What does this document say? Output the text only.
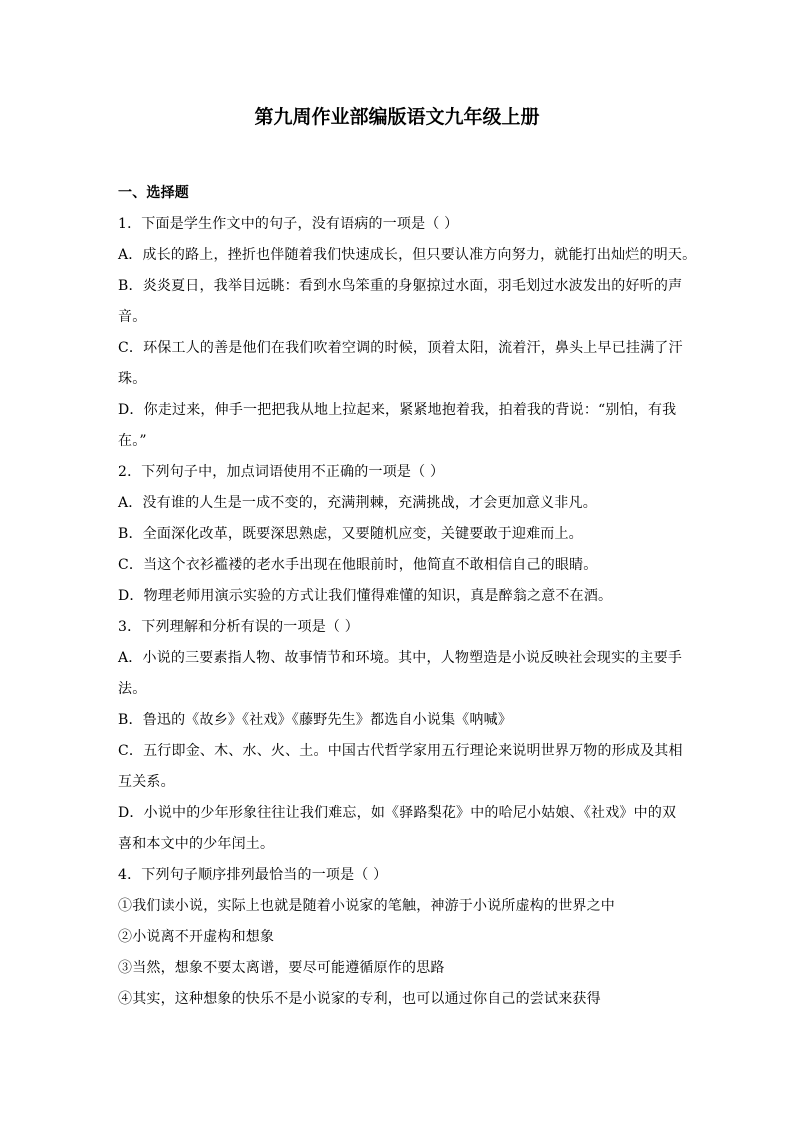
第九周作业部编版语文九年级上册

一、选择题

1．下面是学生作文中的句子，没有语病的一项是（ ）

A．成长的路上，挫折也伴随着我们快速成长，但只要认准方向努力，就能打出灿烂的明天。

B．炎炎夏日，我举目远眺：看到水鸟笨重的身躯掠过水面，羽毛划过水波发出的好听的声

音。

C．环保工人的善是他们在我们吹着空调的时候，顶着太阳，流着汗，鼻头上早已挂满了汗

珠。

D．你走过来，伸手一把把我从地上拉起来，紧紧地抱着我，拍着我的背说：“别怕，有我

在。”

2．下列句子中，加点词语使用不正确的一项是（ ）

A．没有谁的人生是一成不变的，充满荆棘，充满挑战，才会更加意义非凡。

B．全面深化改革，既要深思熟虑，又要随机应变，关键要敢于迎难而上。

C．当这个衣衫褴褛的老水手出现在他眼前时，他简直不敢相信自己的眼睛。

D．物理老师用演示实验的方式让我们懂得难懂的知识，真是醉翁之意不在酒。

3．下列理解和分析有误的一项是（ ）

A．小说的三要素指人物、故事情节和环境。其中，人物塑造是小说反映社会现实的主要手

法。

B．鲁迅的《故乡》《社戏》《藤野先生》都选自小说集《呐喊》

C．五行即金、木、水、火、土。中国古代哲学家用五行理论来说明世界万物的形成及其相

互关系。

D．小说中的少年形象往往让我们难忘，如《驿路梨花》中的哈尼小姑娘、《社戏》中的双

喜和本文中的少年闰土。

4．下列句子顺序排列最恰当的一项是（ ）

①我们读小说，实际上也就是随着小说家的笔触，神游于小说所虚构的世界之中

②小说离不开虚构和想象

③当然，想象不要太离谱，要尽可能遵循原作的思路

④其实，这种想象的快乐不是小说家的专利，也可以通过你自己的尝试来获得
